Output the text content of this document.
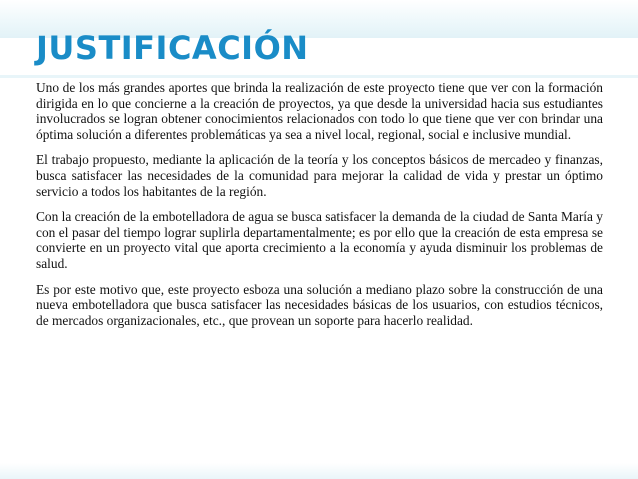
JUSTIFICACIÓN

Uno de los más grandes aportes que brinda la realización de este proyecto tiene que ver con la formación dirigida en lo que concierne a la creación de proyectos, ya que desde la universidad hacia sus estudiantes involucrados se logran obtener conocimientos relacionados con todo lo que tiene que ver con brindar una óptima solución a diferentes problemáticas ya sea a nivel local, regional, social e inclusive mundial.

El trabajo propuesto, mediante la aplicación de la teoría y los conceptos básicos de mercadeo y finanzas, busca satisfacer las necesidades de la comunidad para mejorar la calidad de vida y prestar un óptimo servicio a todos los habitantes de la región.

Con la creación de la embotelladora de agua se busca satisfacer la demanda de la ciudad de Santa María y con el pasar del tiempo lograr suplirla departamentalmente; es por ello que la creación de esta empresa se convierte en un proyecto vital que aporta crecimiento a la economía y ayuda disminuir los problemas de salud.

Es por este motivo que, este proyecto esboza una solución a mediano plazo sobre la construcción de una nueva embotelladora que busca satisfacer las necesidades básicas de los usuarios, con estudios técnicos, de mercados organizacionales, etc., que provean un soporte para hacerlo realidad.
